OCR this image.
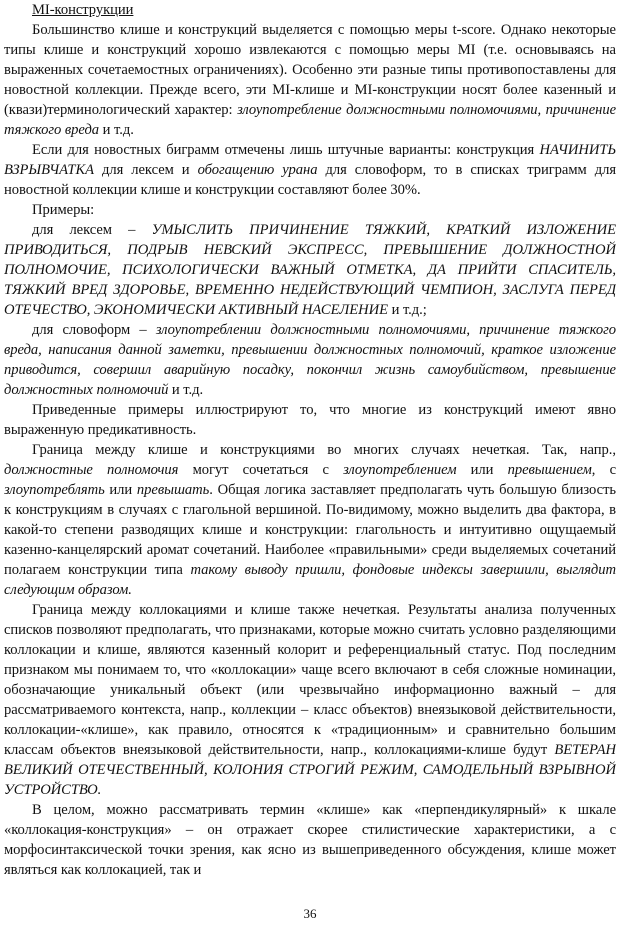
MI-конструкции

Большинство клише и конструкций выделяется с помощью меры t-score. Однако некоторые типы клише и конструкций хорошо извлекаются с помощью меры MI (т.е. основываясь на выраженных сочетаемостных ограничениях). Особенно эти разные типы противопоставлены для новостной коллекции. Прежде всего, эти MI-клише и MI-конструкции носят более казенный и (квази)терминологический характер: злоупотребление должностными полномочиями, причинение тяжкого вреда и т.д.

Если для новостных биграмм отмечены лишь штучные варианты: конструкция НАЧИНИТЬ ВЗРЫВЧАТКА для лексем и обогащению урана для словоформ, то в списках триграмм для новостной коллекции клише и конструкции составляют более 30%.

Примеры:

для лексем – УМЫСЛИТЬ ПРИЧИНЕНИЕ ТЯЖКИЙ, КРАТКИЙ ИЗЛОЖЕНИЕ ПРИВОДИТЬСЯ, ПОДРЫВ НЕВСКИЙ ЭКСПРЕСС, ПРЕВЫШЕНИЕ ДОЛЖНОСТНОЙ ПОЛНОМОЧИЕ, ПСИХОЛОГИЧЕСКИ ВАЖНЫЙ ОТМЕТКА, ДА ПРИЙТИ СПАСИТЕЛЬ, ТЯЖКИЙ ВРЕД ЗДОРОВЬЕ, ВРЕМЕННО НЕДЕЙСТВУЮЩИЙ ЧЕМПИОН, ЗАСЛУГА ПЕРЕД ОТЕЧЕСТВО, ЭКОНОМИЧЕСКИ АКТИВНЫЙ НАСЕЛЕНИЕ и т.д.;

для словоформ – злоупотреблении должностными полномочиями, причинение тяжкого вреда, написания данной заметки, превышении должностных полномочий, краткое изложение приводится, совершил аварийную посадку, покончил жизнь самоубийством, превышение должностных полномочий и т.д.

Приведенные примеры иллюстрируют то, что многие из конструкций имеют явно выраженную предикативность.

Граница между клише и конструкциями во многих случаях нечеткая. Так, напр., должностные полномочия могут сочетаться с злоупотреблением или превышением, с злоупотреблять или превышать. Общая логика заставляет предполагать чуть большую близость к конструкциям в случаях с глагольной вершиной. По-видимому, можно выделить два фактора, в какой-то степени разводящих клише и конструкции: глагольность и интуитивно ощущаемый казенно-канцелярский аромат сочетаний. Наиболее «правильными» среди выделяемых сочетаний полагаем конструкции типа такому выводу пришли, фондовые индексы завершили, выглядит следующим образом.

Граница между коллокациями и клише также нечеткая. Результаты анализа полученных списков позволяют предполагать, что признаками, которые можно считать условно разделяющими коллокации и клише, являются казенный колорит и референциальный статус. Под последним признаком мы понимаем то, что «коллокации» чаще всего включают в себя сложные номинации, обозначающие уникальный объект (или чрезвычайно информационно важный – для рассматриваемого контекста, напр., коллекции – класс объектов) внеязыковой действительности, коллокации-«клише», как правило, относятся к «традиционным» и сравнительно большим классам объектов внеязыковой действительности, напр., коллокациями-клише будут ВЕТЕРАН ВЕЛИКИЙ ОТЕЧЕСТВЕННЫЙ, КОЛОНИЯ СТРОГИЙ РЕЖИМ, САМОДЕЛЬНЫЙ ВЗРЫВНОЙ УСТРОЙСТВО.

В целом, можно рассматривать термин «клише» как «перпендикулярный» к шкале «коллокация-конструкция» – он отражает скорее стилистические характеристики, а с морфосинтаксической точки зрения, как ясно из вышеприведенного обсуждения, клише может являться как коллокацией, так и

36
